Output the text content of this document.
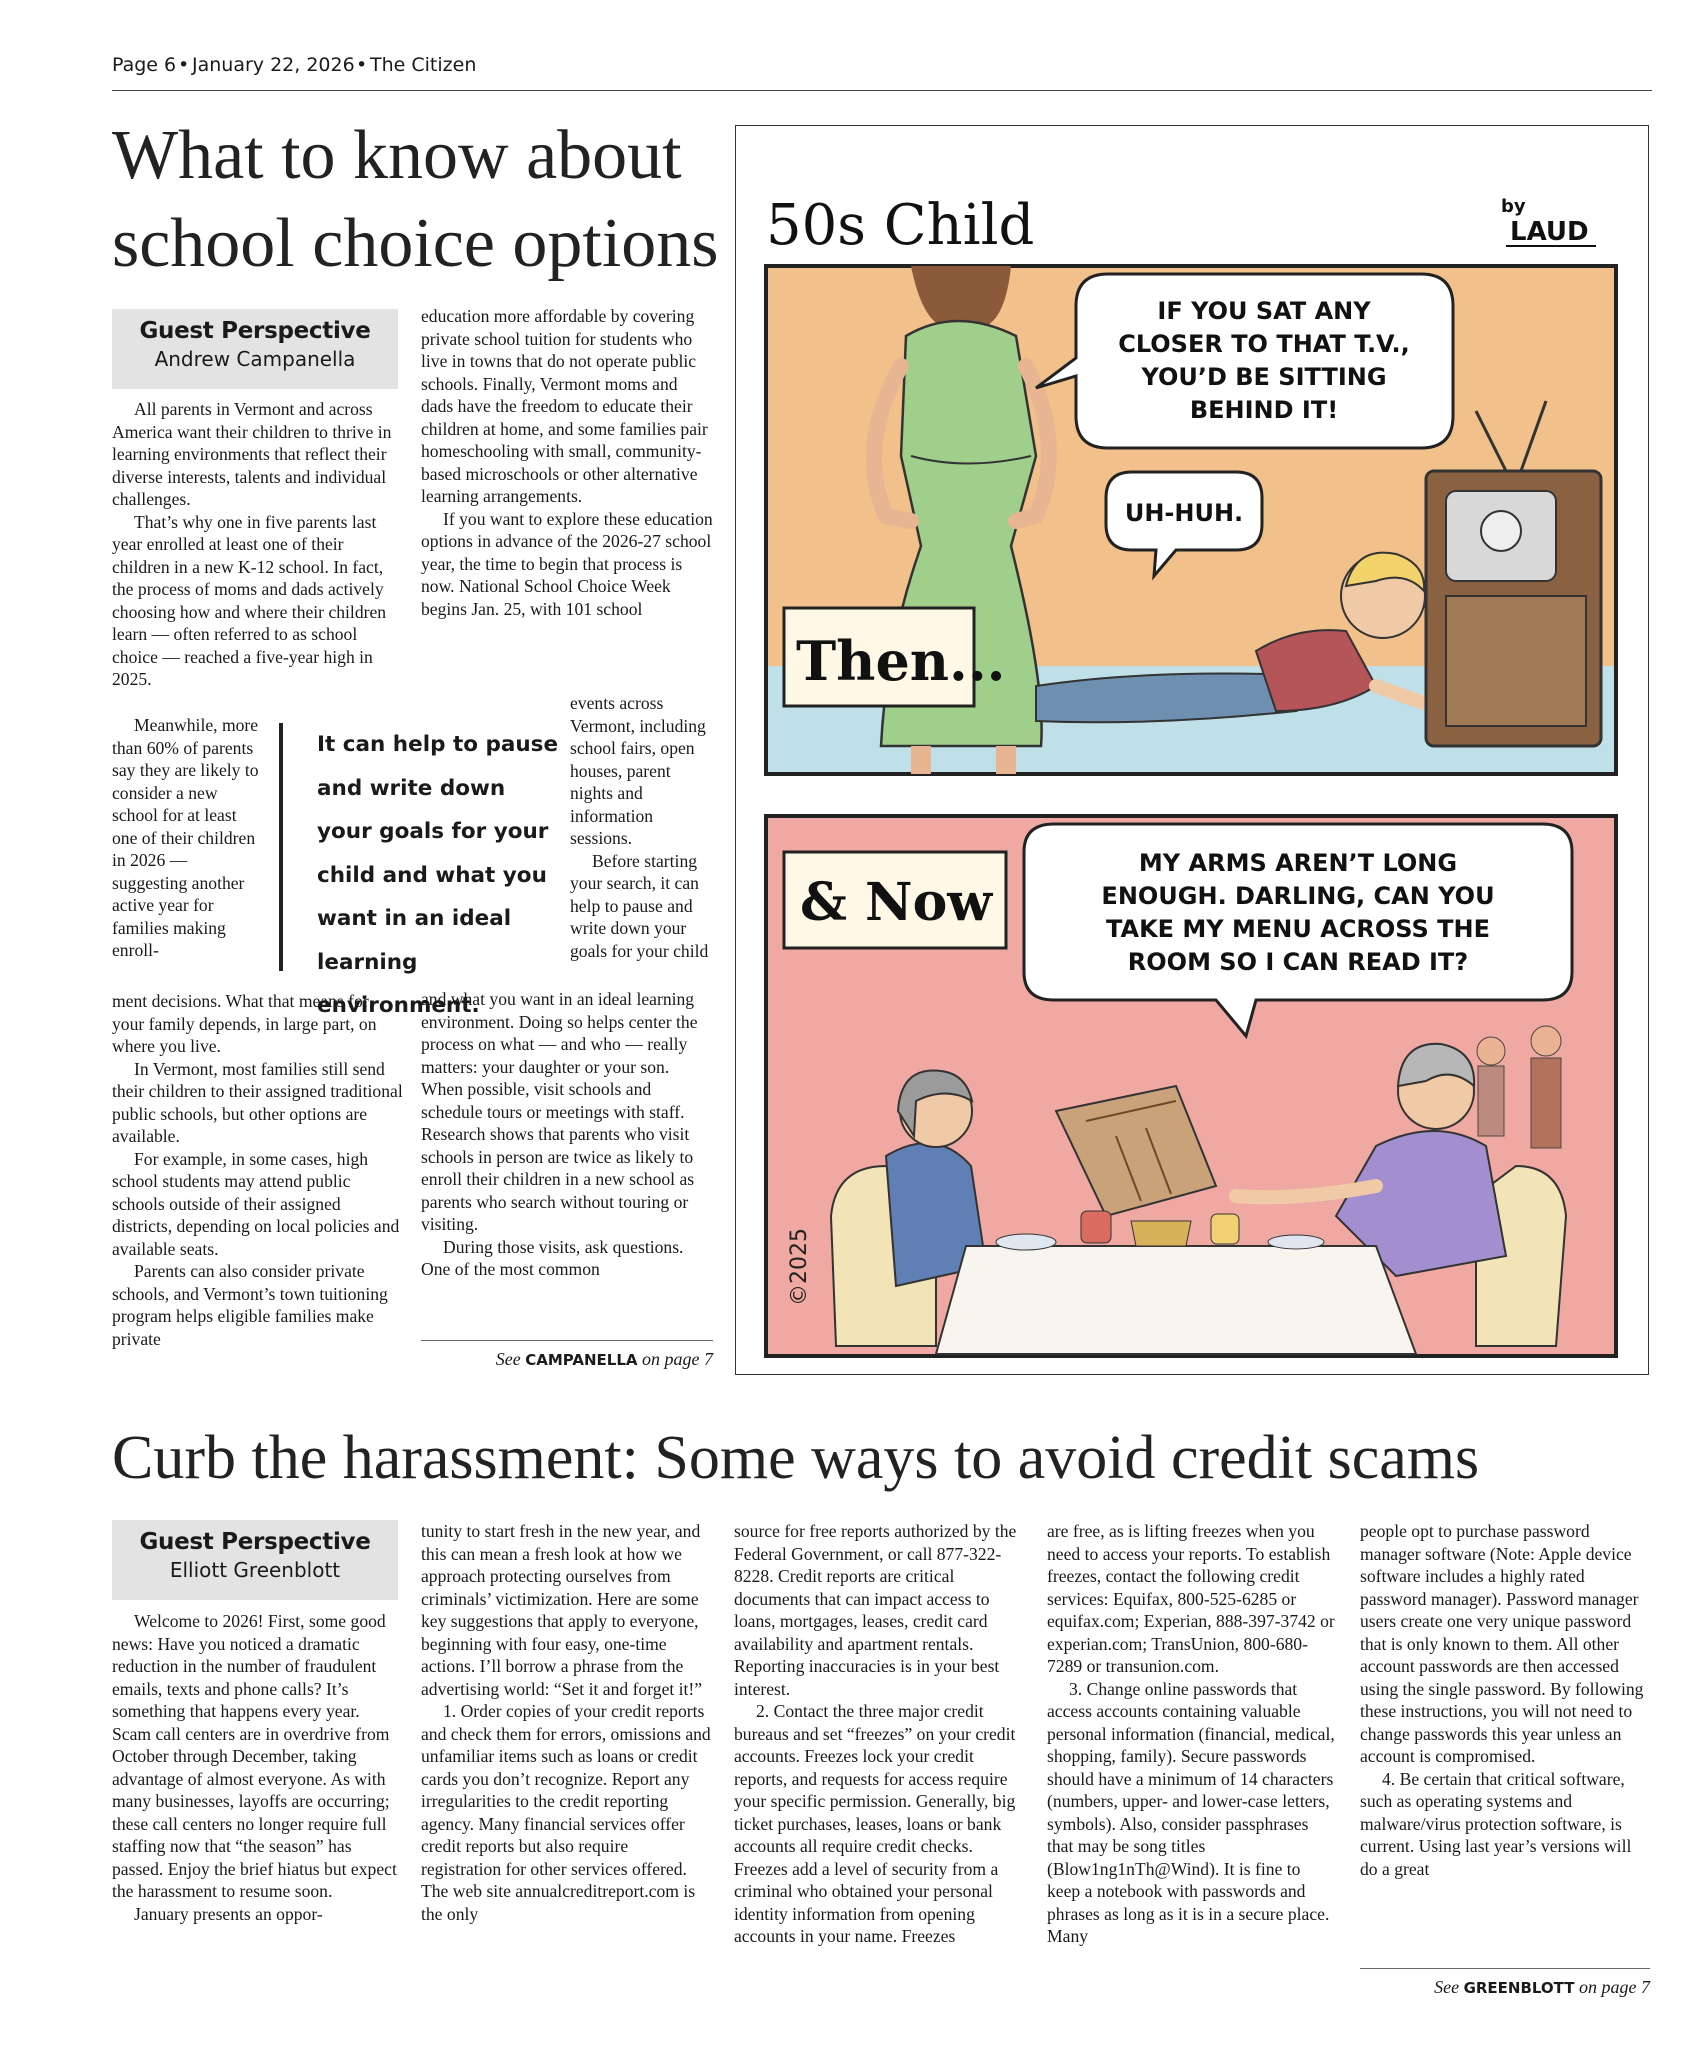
Page 6 • January 22, 2026 • The Citizen
What to know about
school choice options
Guest Perspective
Andrew Campanella

All parents in Vermont and across America want their children to thrive in learning environments that reflect their diverse interests, talents and individual challenges.

That’s why one in five parents last year enrolled at least one of their children in a new K-12 school. In fact, the process of moms and dads actively choosing how and where their children learn — often referred to as school choice — reached a five-year high in 2025.

Meanwhile, more than 60% of parents say they are likely to consider a new school for at least one of their children in 2026 — suggesting another active year for families making enroll-

ment decisions. What that means for your family depends, in large part, on where you live.

In Vermont, most families still send their children to their assigned traditional public schools, but other options are available.

For example, in some cases, high school students may attend public schools outside of their assigned districts, depending on local policies and available seats.

Parents can also consider private schools, and Vermont’s town tuitioning program helps eligible families make private

education more affordable by covering private school tuition for students who live in towns that do not operate public schools. Finally, Vermont moms and dads have the freedom to educate their children at home, and some families pair homeschooling with small, community-based microschools or other alternative learning arrangements.

If you want to explore these education options in advance of the 2026-27 school year, the time to begin that process is now. National School Choice Week begins Jan. 25, with 101 school

events across Vermont, including school fairs, open houses, parent nights and information sessions.

Before starting your search, it can help to pause and write down your goals for your child

and what you want in an ideal learning environment. Doing so helps center the process on what — and who — really matters: your daughter or your son. When possible, visit schools and schedule tours or meetings with staff. Research shows that parents who visit schools in person are twice as likely to enroll their children in a new school as parents who search without touring or visiting.

During those visits, ask questions. One of the most common

It can help to pause and write down your goals for your child and what you want in an ideal learning environment.
See CAMPANELLA on page 7
50s Child	by
LAUD
IF YOU SAT ANY
CLOSER TO THAT T.V.,
YOU’D BE SITTING
BEHIND IT!
UH-HUH.
Then...
MY ARMS AREN’T LONG
ENOUGH. DARLING, CAN YOU
TAKE MY MENU ACROSS THE
ROOM SO I CAN READ IT?
& Now
©2025
Curb the harassment: Some ways to avoid credit scams
Guest Perspective
Elliott Greenblott

Welcome to 2026! First, some good news: Have you noticed a dramatic reduction in the number of fraudulent emails, texts and phone calls? It’s something that happens every year. Scam call centers are in overdrive from October through December, taking advantage of almost everyone. As with many businesses, layoffs are occurring; these call centers no longer require full staffing now that “the season” has passed. Enjoy the brief hiatus but expect the harassment to resume soon.

January presents an oppor-

tunity to start fresh in the new year, and this can mean a fresh look at how we approach protecting ourselves from criminals’ victimization. Here are some key suggestions that apply to everyone, beginning with four easy, one-time actions. I’ll borrow a phrase from the advertising world: “Set it and forget it!”

1. Order copies of your credit reports and check them for errors, omissions and unfamiliar items such as loans or credit cards you don’t recognize. Report any irregularities to the credit reporting agency. Many financial services offer credit reports but also require registration for other services offered. The web site annualcreditreport.com is the only

source for free reports authorized by the Federal Government, or call 877-322-8228. Credit reports are critical documents that can impact access to loans, mortgages, leases, credit card availability and apartment rentals. Reporting inaccuracies is in your best interest.

2. Contact the three major credit bureaus and set “freezes” on your credit accounts. Freezes lock your credit reports, and requests for access require your specific permission. Generally, big ticket purchases, leases, loans or bank accounts all require credit checks. Freezes add a level of security from a criminal who obtained your personal identity information from opening accounts in your name. Freezes

are free, as is lifting freezes when you need to access your reports. To establish freezes, contact the following credit services: Equifax, 800-525-6285 or equifax.com; Experian, 888-397-3742 or experian.com; TransUnion, 800-680-7289 or transunion.com.

3. Change online passwords that access accounts containing valuable personal information (financial, medical, shopping, family). Secure passwords should have a minimum of 14 characters (numbers, upper- and lower-case letters, symbols). Also, consider passphrases that may be song titles (Blow1ng1nTh@Wind). It is fine to keep a notebook with passwords and phrases as long as it is in a secure place. Many

people opt to purchase password manager software (Note: Apple device software includes a highly rated password manager). Password manager users create one very unique password that is only known to them. All other account passwords are then accessed using the single password. By following these instructions, you will not need to change passwords this year unless an account is compromised.

4. Be certain that critical software, such as operating systems and malware/virus protection software, is current. Using last year’s versions will do a great

See GREENBLOTT on page 7
